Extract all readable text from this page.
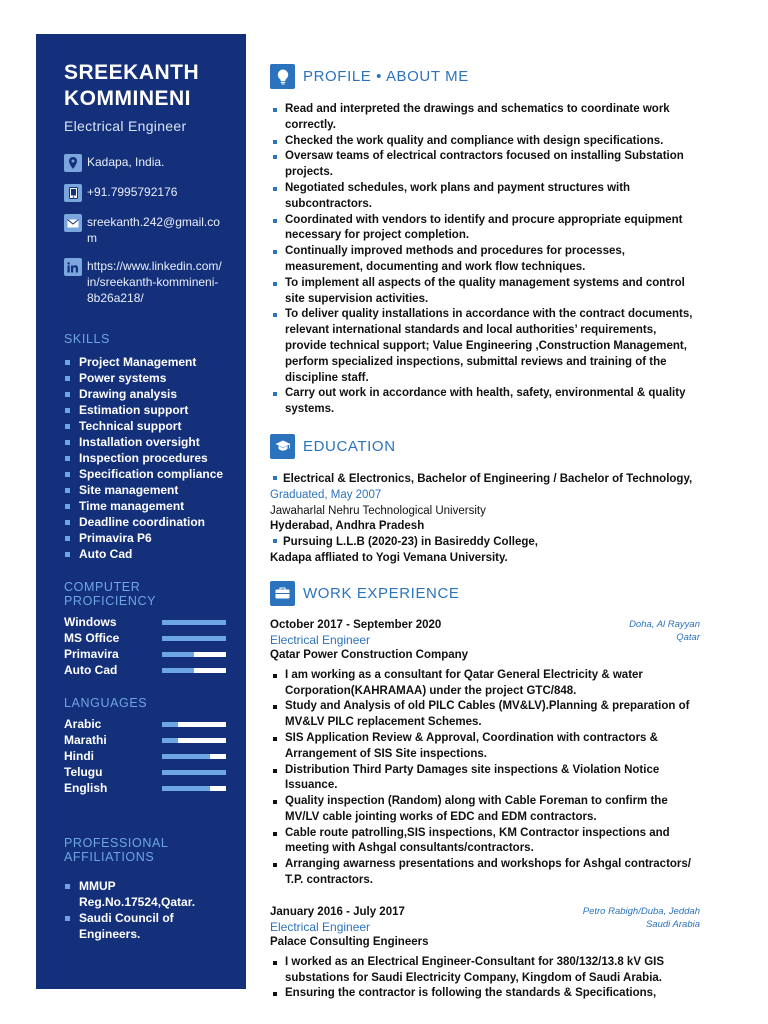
SREEKANTH
KOMMINENI
Electrical Engineer
Kadapa, India.
+91.7995792176
sreekanth.242@gmail.com
https://www.linkedin.com/in/sreekanth-kommineni-8b26a218/
SKILLS
Project Management
Power systems
Drawing analysis
Estimation support
Technical support
Installation oversight
Inspection procedures
Specification compliance
Site management
Time management
Deadline coordination
Primavira P6
Auto Cad
COMPUTER PROFICIENCY
Windows
MS Office
Primavira
Auto Cad
LANGUAGES
Arabic
Marathi
Hindi
Telugu
English
PROFESSIONAL AFFILIATIONS
MMUP Reg.No.17524,Qatar.
Saudi Council of Engineers.
PROFILE • ABOUT ME
Read and interpreted the drawings and schematics to coordinate work correctly.
Checked the work quality and compliance with design specifications.
Oversaw teams of electrical contractors focused on installing Substation projects.
Negotiated schedules, work plans and payment structures with subcontractors.
Coordinated with vendors to identify and procure appropriate equipment necessary for project completion.
Continually improved methods and procedures for processes, measurement, documenting and work flow techniques.
To implement all aspects of the quality management systems and control site supervision activities.
To deliver quality installations in accordance with the contract documents, relevant international standards and local authorities’ requirements, provide technical support; Value Engineering ,Construction Management, perform specialized inspections, submittal reviews and training of the discipline staff.
Carry out work in accordance with health, safety, environmental & quality systems.
EDUCATION
Electrical & Electronics, Bachelor of Engineering / Bachelor of Technology, Graduated, May 2007
Jawaharlal Nehru Technological University
Hyderabad, Andhra Pradesh
Pursuing L.L.B (2020-23) in Basireddy College,
Kadapa affliated to Yogi Vemana University.
WORK EXPERIENCE
October 2017 - September 2020
Electrical Engineer
Qatar Power Construction Company
Doha, Al Rayyan
Qatar
I am working as a consultant for Qatar General Electricity & water Corporation(KAHRAMAA) under the project GTC/848.
Study and Analysis of old PILC Cables (MV&LV).Planning & preparation of MV&LV PILC replacement Schemes.
SIS Application Review & Approval, Coordination with contractors & Arrangement of SIS Site inspections.
Distribution Third Party Damages site inspections & Violation Notice Issuance.
Quality inspection (Random) along with Cable Foreman to confirm the MV/LV cable jointing works of EDC and EDM contractors.
Cable route patrolling,SIS inspections, KM Contractor inspections and meeting with Ashgal consultants/contractors.
Arranging awarness presentations and workshops for Ashgal contractors/ T.P. contractors.
January 2016 - July 2017
Electrical Engineer
Palace Consulting Engineers
Petro Rabigh/Duba, Jeddah
Saudi Arabia
I worked as an Electrical Engineer-Consultant for 380/132/13.8 kV GIS substations for Saudi Electricity Company, Kingdom of Saudi Arabia.
Ensuring the contractor is following the standards & Specifications,
